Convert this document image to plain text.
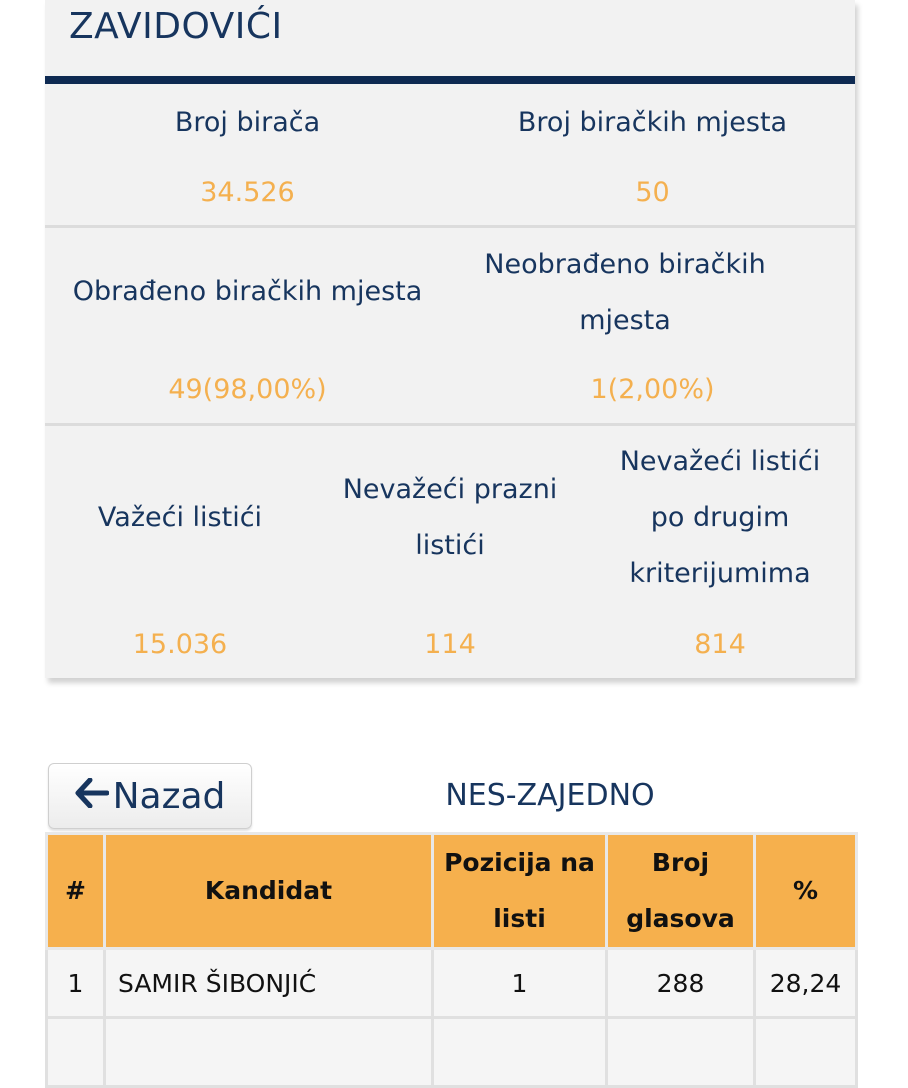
ZAVIDOVIĆI
Broj birača
34.526
Broj biračkih mjesta
50
Obrađeno biračkih mjesta
49(98,00%)
Neobrađeno biračkih mjesta
1(2,00%)
Važeći listići
15.036
Nevažeći prazni listići
114
Nevažeći listići po drugim kriterijumima
814
Nazad	NES-ZAJEDNO
#	Kandidat	Pozicija na listi	Broj glasova	%
1	SAMIR ŠIBONJIĆ	1	288	28,24
